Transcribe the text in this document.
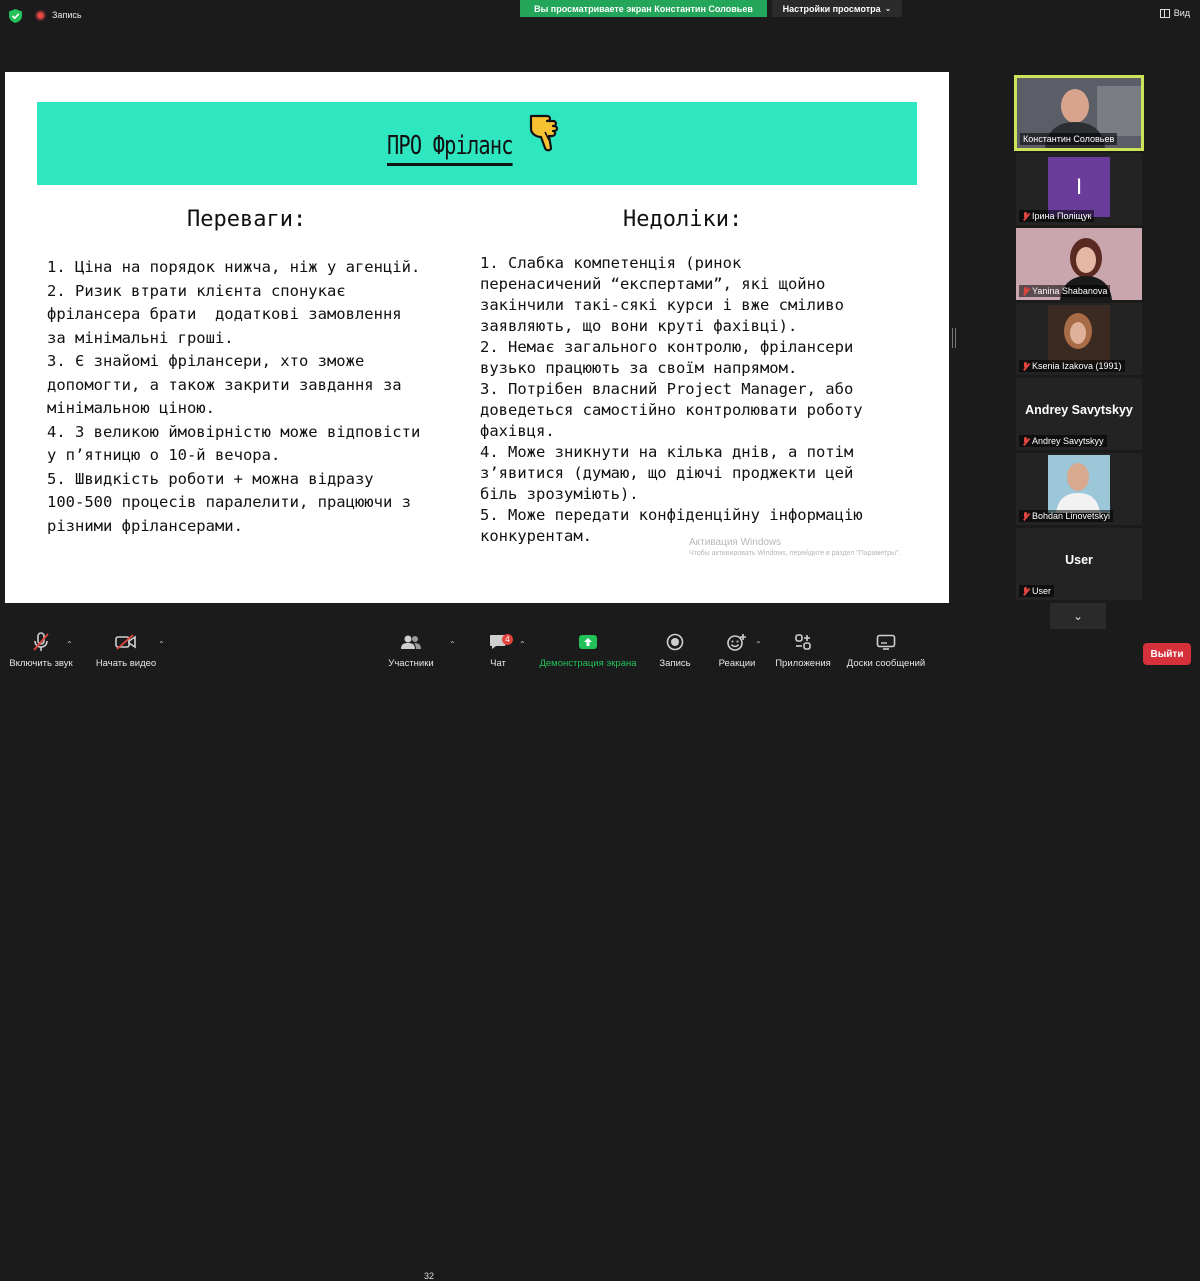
Запись
Вы просматриваете экран Константин Соловьев	Настройки просмотра ⌄	Вид
ПРО Фріланс
Переваги:	Недоліки:
1. Ціна на порядок нижча, ніж у агенцій.
2. Ризик втрати клієнта спонукає
фрілансера брати  додаткові замовлення
за мінімальні гроші.
3. Є знайомі фрілансери, хто зможе
допомогти, а також закрити завдання за
мінімальною ціною.
4. З великою ймовірністю може відповісти
у п’ятницю о 10-й вечора.
5. Швидкість роботи + можна відразу
100-500 процесів паралелити, працюючи з
різними фрілансерами.
1. Слабка компетенція (ринок
перенасичений “експертами”, які щойно
закінчили такі-сякі курси і вже сміливо
заявляють, що вони круті фахівці).
2. Немає загального контролю, фрілансери
вузько працюють за своїм напрямом.
3. Потрібен власний Project Manager, або
доведеться самостійно контролювати роботу
фахівця.
4. Може зникнути на кілька днів, а потім
з’явитися (думаю, що діючі проджекти цей
біль зрозуміють).
5. Може передати конфіденційну інформацію
конкурентам.	Активация Windows
Чтобы активировать Windows, перейдите в раздел "Параметры".
Константин Соловьев
І
Ірина Поліщук
Yanina Shabanova
Ksenia Izakova (1991)
Andrey Savytskyy
Andrey Savytskyy
Bohdan Linovetskyi
User
User
⌄
Включить звук
⌃
Начать видео
⌃
Участники
32
⌃
4
Чат
⌃
Демонстрация экрана Запись	Реакции
⌃
Приложения Доски сообщений
Выйти
